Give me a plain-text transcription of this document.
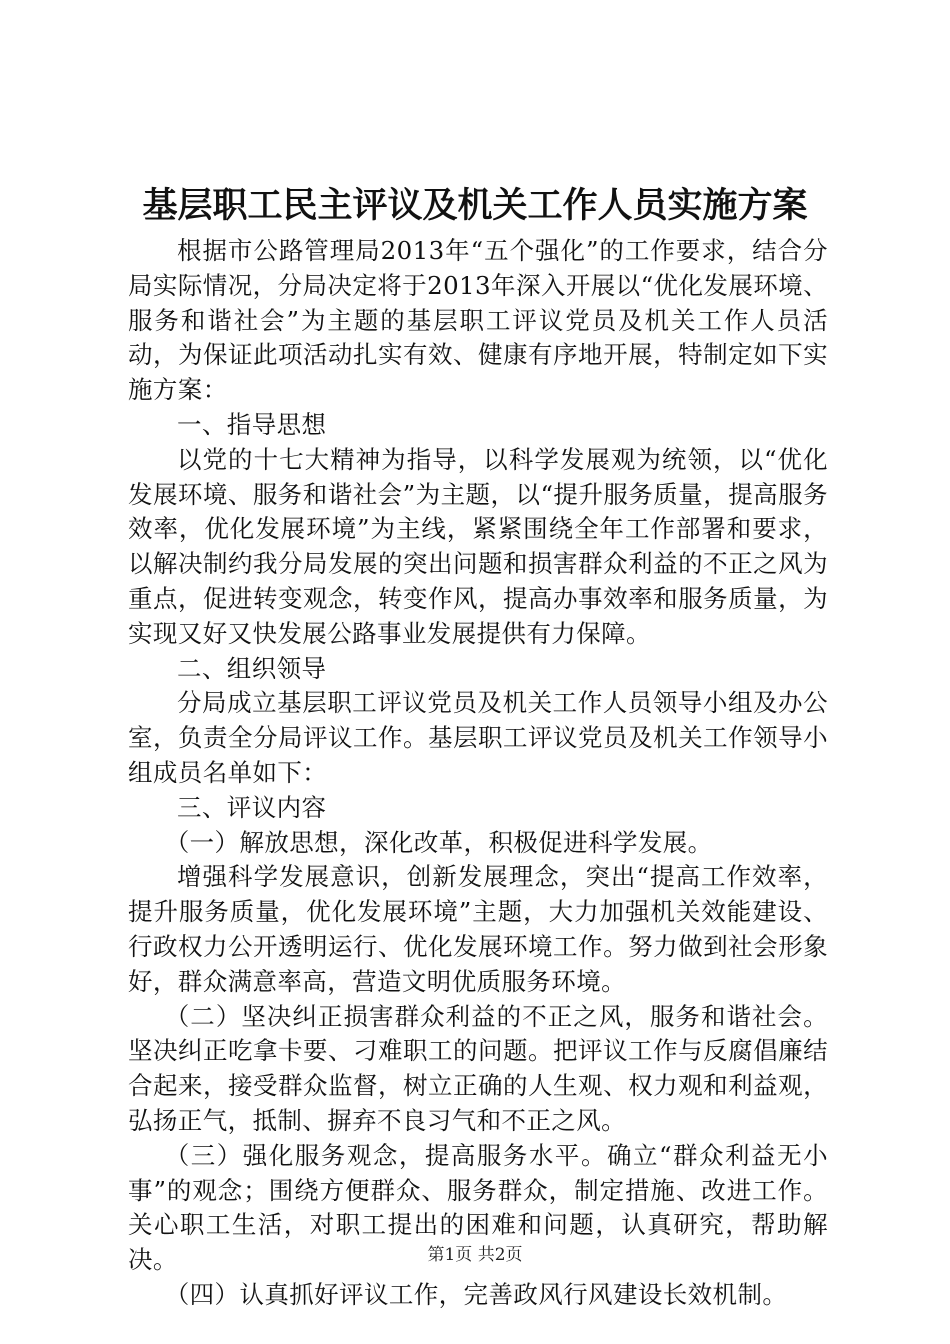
基层职工民主评议及机关工作人员实施方案

根据市公路管理局2013年“五个强化”的工作要求，结合分局实际情况，分局决定将于2013年深入开展以“优化发展环境、服务和谐社会”为主题的基层职工评议党员及机关工作人员活动，为保证此项活动扎实有效、健康有序地开展，特制定如下实施方案：

一、指导思想

以党的十七大精神为指导，以科学发展观为统领，以“优化发展环境、服务和谐社会”为主题，以“提升服务质量，提高服务效率，优化发展环境”为主线，紧紧围绕全年工作部署和要求，以解决制约我分局发展的突出问题和损害群众利益的不正之风为重点，促进转变观念，转变作风，提高办事效率和服务质量，为实现又好又快发展公路事业发展提供有力保障。

二、组织领导

分局成立基层职工评议党员及机关工作人员领导小组及办公室，负责全分局评议工作。基层职工评议党员及机关工作领导小组成员名单如下：

三、评议内容

（一）解放思想，深化改革，积极促进科学发展。

增强科学发展意识，创新发展理念，突出“提高工作效率，提升服务质量，优化发展环境”主题，大力加强机关效能建设、行政权力公开透明运行、优化发展环境工作。努力做到社会形象好，群众满意率高，营造文明优质服务环境。

（二）坚决纠正损害群众利益的不正之风，服务和谐社会。坚决纠正吃拿卡要、刁难职工的问题。把评议工作与反腐倡廉结合起来，接受群众监督，树立正确的人生观、权力观和利益观，弘扬正气，抵制、摒弃不良习气和不正之风。

（三）强化服务观念，提高服务水平。确立“群众利益无小事”的观念；围绕方便群众、服务群众，制定措施、改进工作。关心职工生活，对职工提出的困难和问题，认真研究，帮助解决。

（四）认真抓好评议工作，完善政风行风建设长效机制。

第1页 共2页
